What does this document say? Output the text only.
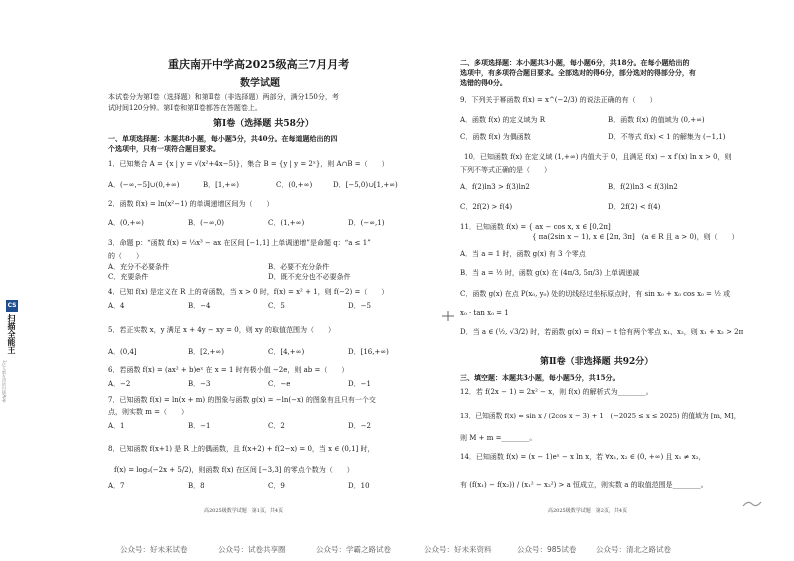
重庆南开中学高2025级高三7月月考
数学试题
本试卷分为第Ⅰ卷（选择题）和第Ⅱ卷（非选择题）两部分，满分150分，考
试时间120分钟。第Ⅰ卷和第Ⅱ卷都答在答题卷上。
第Ⅰ卷（选择题 共58分）
一、单项选择题：本题共8小题，每小题5分，共40分。在每道题给出的四
个选项中，只有一项符合题目要求。
1．已知集合 A = {x | y = √(x²+4x−5)}，集合 B = {y | y = 2ˣ}，则 A∩B =（　　）
A．(−∞,−5]∪(0,+∞)	B．[1,+∞)	C．(0,+∞)	D．[−5,0)∪[1,+∞)
2．函数 f(x) = ln(x²−1) 的单调递增区间为（　　）
A．(0,+∞)	B．(−∞,0)	C．(1,+∞)	D．(−∞,1)
3．命题 p：“函数 f(x) = ⅓x³ − ax 在区间 [−1,1] 上单调递增”是命题 q：“a ≤ 1”
的（　　）
A．充分不必要条件	B．必要不充分条件
C．充要条件	D．既不充分也不必要条件
4．已知 f(x) 是定义在 R 上的奇函数，当 x > 0 时，f(x) = x² + 1，则 f(−2) =（　　）
A．4	B．−4	C．5	D．−5
5．若正实数 x，y 满足 x + 4y − xy = 0，则 xy 的取值范围为（　　）
A．(0,4]	B．[2,+∞)	C．[4,+∞)	D．[16,+∞)
6．若函数 f(x) = (ax² + b)eˣ 在 x = 1 时有极小值 −2e，则 ab =（　　）
A．−2	B．−3	C．−e	D．−1
7．已知函数 f(x) = ln(x + m) 的图象与函数 g(x) = −ln(−x) 的图象有且只有一个交
点，则实数 m =（　　）
A．1	B．−1	C．2	D．−2
8．已知函数 f(x+1) 是 R 上的偶函数，且 f(x+2) + f(2−x) = 0，当 x ∈ (0,1] 时，
f(x) = log₂(−2x + 5/2)，则函数 f(x) 在区间 [−3,3] 的零点个数为（　　）
A．7	B．8	C．9	D．10
高2025级数学试题　第1页，共4页
二、多项选择题：本小题共3小题，每小题6分，共18分。在每小题给出的
选项中，有多项符合题目要求。全部选对的得6分，部分选对的得部分分，有
选错的得0分。
9．下列关于幂函数 f(x) = x^(−2/3) 的说法正确的有（　　）
A．函数 f(x) 的定义域为 R	B．函数 f(x) 的值域为 (0,+∞)
C．函数 f(x) 为偶函数	D．不等式 f(x) < 1 的解集为 (−1,1)
10．已知函数 f(x) 在定义域 (1,+∞) 内值大于 0，且满足 f(x) − x f′(x) ln x > 0，则
下列不等式正确的是（　　）
A．f(2)ln3 > f(3)ln2	B．f(2)ln3 < f(3)ln2
C．2f(2) > f(4)	D．2f(2) < f(4)
11．已知函数 f(x) = { ax − cos x, x ∈ [0,2π]
{ πa(2sin x − 1), x ∈ [2π, 3π]　(a ∈ R 且 a > 0)，则（　　）
A．当 a = 1 时，函数 g(x) 有 3 个零点
B．当 a = ½ 时，函数 g(x) 在 (4π/3, 5π/3) 上单调递减
C．函数 g(x) 在点 P(x₀, y₀) 处的切线经过坐标原点时，有 sin x₀ + x₀ cos x₀ = ½ 或
x₀ · tan x₀ = 1
D．当 a ∈ (½, √3/2) 时，若函数 g(x) = f(x) − t 恰有两个零点 x₁、x₂，则 x₁ + x₂ > 2π
第Ⅱ卷（非选择题 共92分）
三、填空题：本题共3小题，每小题5分，共15分。
12．若 f(2x − 1) = 2x² − x，则 f(x) 的解析式为________。
13．已知函数 f(x) = sin x / (2cos x − 3) + 1　(−2025 ≤ x ≤ 2025) 的值域为 [m, M]，
则 M + m =________。
14．已知函数 f(x) = (x − 1)eˣ − x ln x，若 ∀x₁, x₂ ∈ (0, +∞) 且 x₁ ≠ x₂，
有 (f(x₁) − f(x₂)) / (x₁² − x₂²) > a 恒成立，则实数 a 的取值范围是________。
高2025级数学试题　第2页，共4页
CS
扫描全能王
3亿人都在用的扫描App
公众号：好未来试卷	公众号：试卷共享圈	公众号：学霸之路试卷	公众号：好未来资料	公众号：985试卷	公众号：清北之路试卷
